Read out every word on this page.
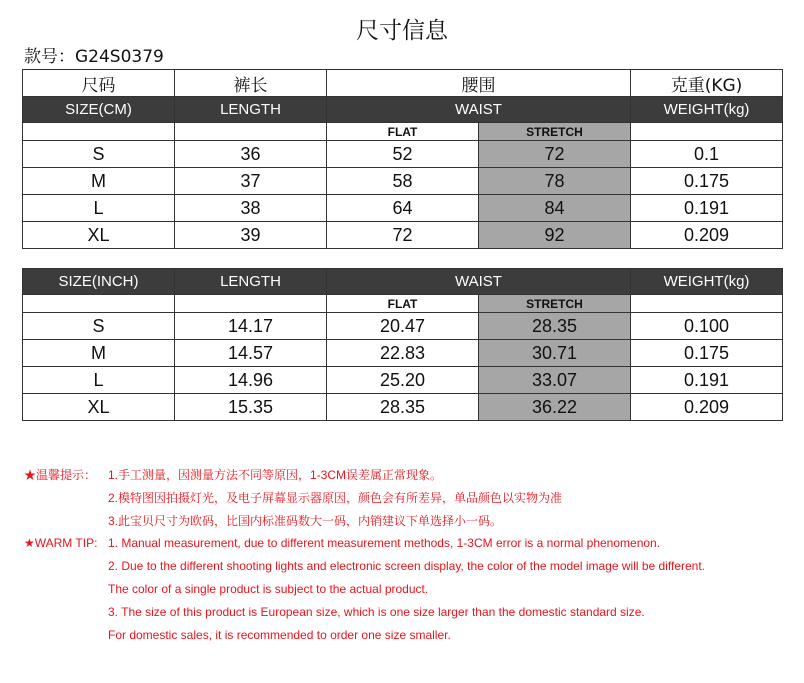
尺寸信息
款号：G24S0379
尺码	裤长	腰围		克重(KG)
SIZE(CM)	LENGTH	WAIST		WEIGHT(kg)
		FLAT	STRETCH	
S	36	52	72	0.1
M	37	58	78	0.175
L	38	64	84	0.191
XL	39	72	92	0.209
SIZE(INCH)	LENGTH	WAIST		WEIGHT(kg)
		FLAT	STRETCH	
S	14.17	20.47	28.35	0.100
M	14.57	22.83	30.71	0.175
L	14.96	25.20	33.07	0.191
XL	15.35	28.35	36.22	0.209
★温馨提示： 1.手工测量，因测量方法不同等原因，1-3CM误差属正常现象。
2.模特图因拍摄灯光，及电子屏幕显示器原因，颜色会有所差异，单品颜色以实物为准
3.此宝贝尺寸为欧码，比国内标准码数大一码，内销建议下单选择小一码。
★WARM TIP: 1. Manual measurement, due to different measurement methods, 1-3CM error is a normal phenomenon.
2. Due to the different shooting lights and electronic screen display, the color of the model image will be different.
The color of a single product is subject to the actual product.
3. The size of this product is European size, which is one size larger than the domestic standard size.
For domestic sales, it is recommended to order one size smaller.
